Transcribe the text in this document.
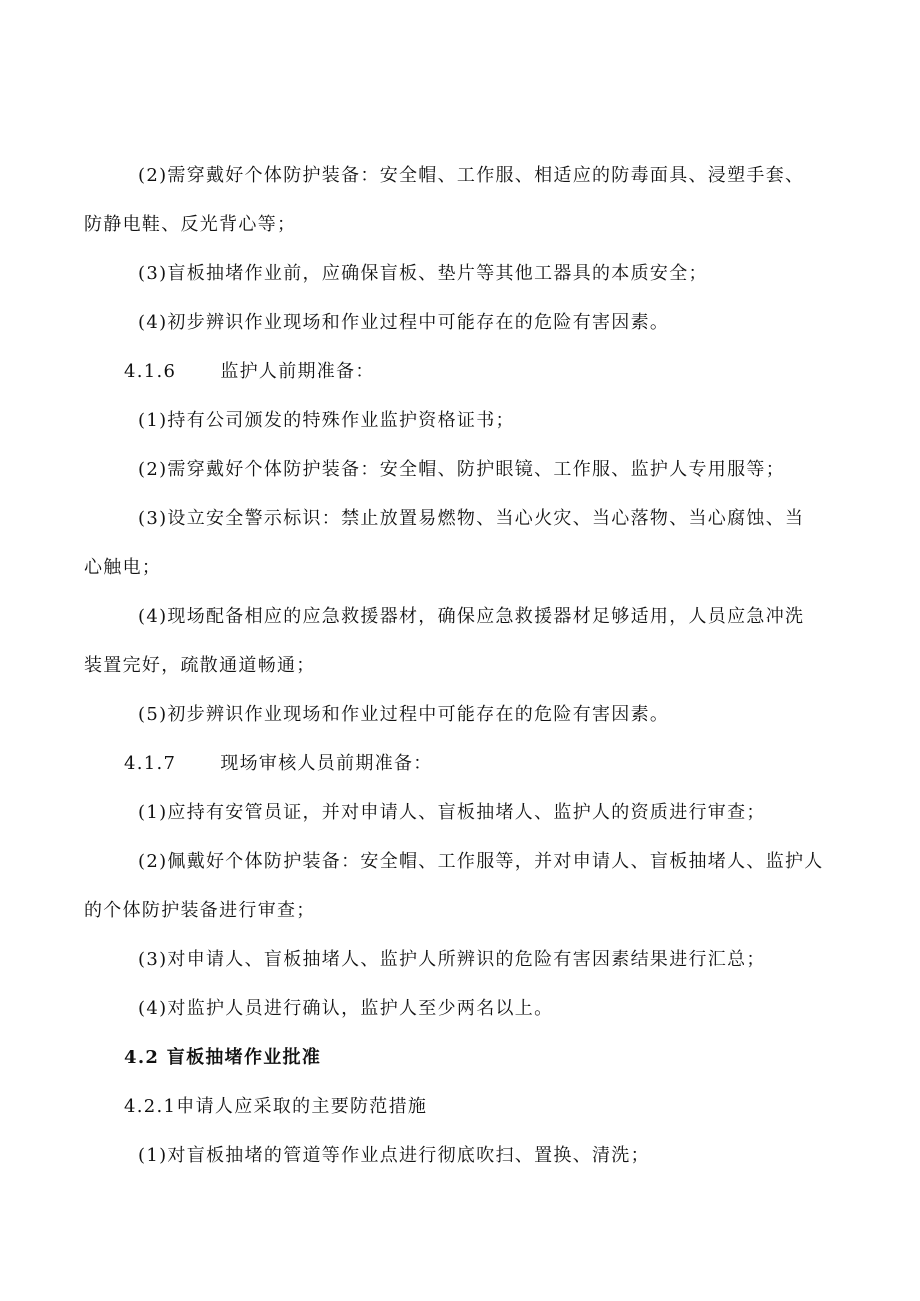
(2)需穿戴好个体防护装备：安全帽、工作服、相适应的防毒面具、浸塑手套、
防静电鞋、反光背心等；
(3)盲板抽堵作业前，应确保盲板、垫片等其他工器具的本质安全；
(4)初步辨识作业现场和作业过程中可能存在的危险有害因素。
4.1.6 监护人前期准备：
(1)持有公司颁发的特殊作业监护资格证书；
(2)需穿戴好个体防护装备：安全帽、防护眼镜、工作服、监护人专用服等；
(3)设立安全警示标识：禁止放置易燃物、当心火灾、当心落物、当心腐蚀、当
心触电；
(4)现场配备相应的应急救援器材，确保应急救援器材足够适用，人员应急冲洗
装置完好，疏散通道畅通；
(5)初步辨识作业现场和作业过程中可能存在的危险有害因素。
4.1.7 现场审核人员前期准备：
(1)应持有安管员证，并对申请人、盲板抽堵人、监护人的资质进行审查；
(2)佩戴好个体防护装备：安全帽、工作服等，并对申请人、盲板抽堵人、监护人
的个体防护装备进行审查；
(3)对申请人、盲板抽堵人、监护人所辨识的危险有害因素结果进行汇总；
(4)对监护人员进行确认，监护人至少两名以上。
4.2 盲板抽堵作业批准
4.2.1申请人应采取的主要防范措施
(1)对盲板抽堵的管道等作业点进行彻底吹扫、置换、清洗；
